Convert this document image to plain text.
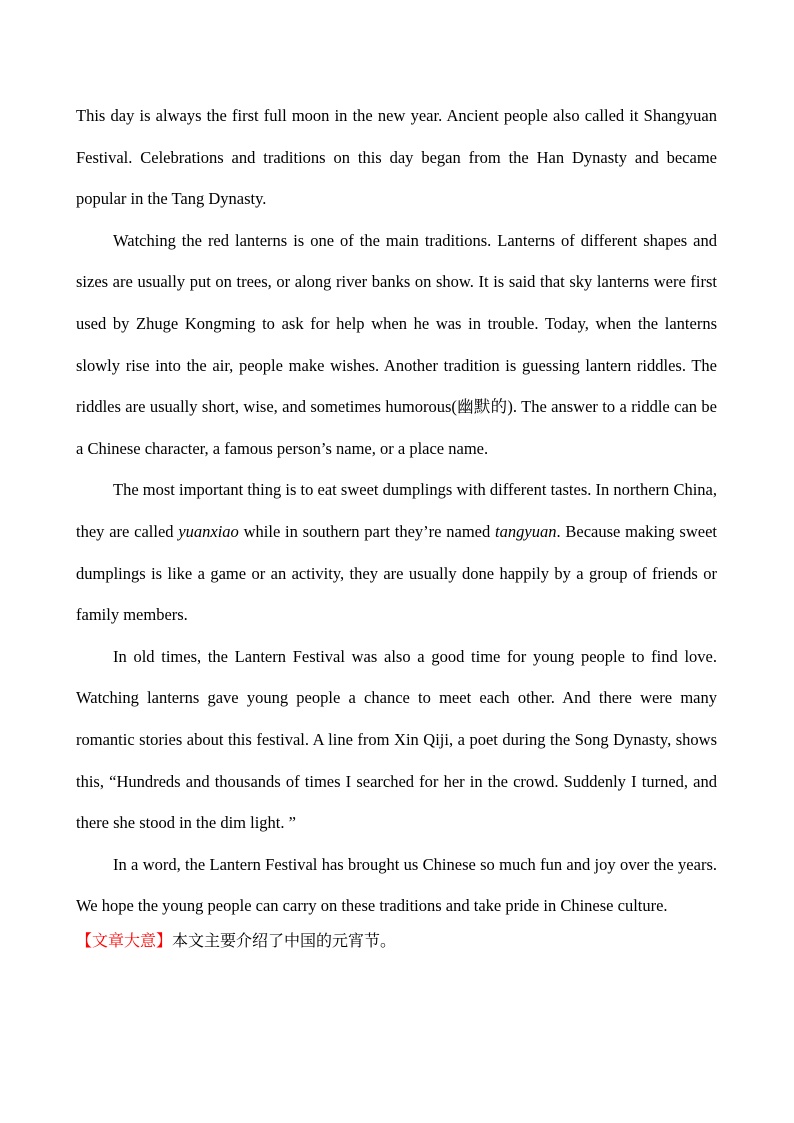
This day is always the first full moon in the new year. Ancient people also called it Shangyuan Festival. Celebrations and traditions on this day began from the Han Dynasty and became popular in the Tang Dynasty.

Watching the red lanterns is one of the main traditions. Lanterns of different shapes and sizes are usually put on trees, or along river banks on show. It is said that sky lanterns were first used by Zhuge Kongming to ask for help when he was in trouble. Today, when the lanterns slowly rise into the air, people make wishes. Another tradition is guessing lantern riddles. The riddles are usually short, wise, and sometimes humorous(幽默的). The answer to a riddle can be a Chinese character, a famous person’s name, or a place name.

The most important thing is to eat sweet dumplings with different tastes. In northern China, they are called yuanxiao while in southern part they’re named tangyuan. Because making sweet dumplings is like a game or an activity, they are usually done happily by a group of friends or family members.

In old times, the Lantern Festival was also a good time for young people to find love. Watching lanterns gave young people a chance to meet each other. And there were many romantic stories about this festival. A line from Xin Qiji, a poet during the Song Dynasty, shows this, “Hundreds and thousands of times I searched for her in the crowd. Suddenly I turned, and there she stood in the dim light. ”

In a word, the Lantern Festival has brought us Chinese so much fun and joy over the years. We hope the young people can carry on these traditions and take pride in Chinese culture.

【文章大意】本文主要介绍了中国的元宵节。
